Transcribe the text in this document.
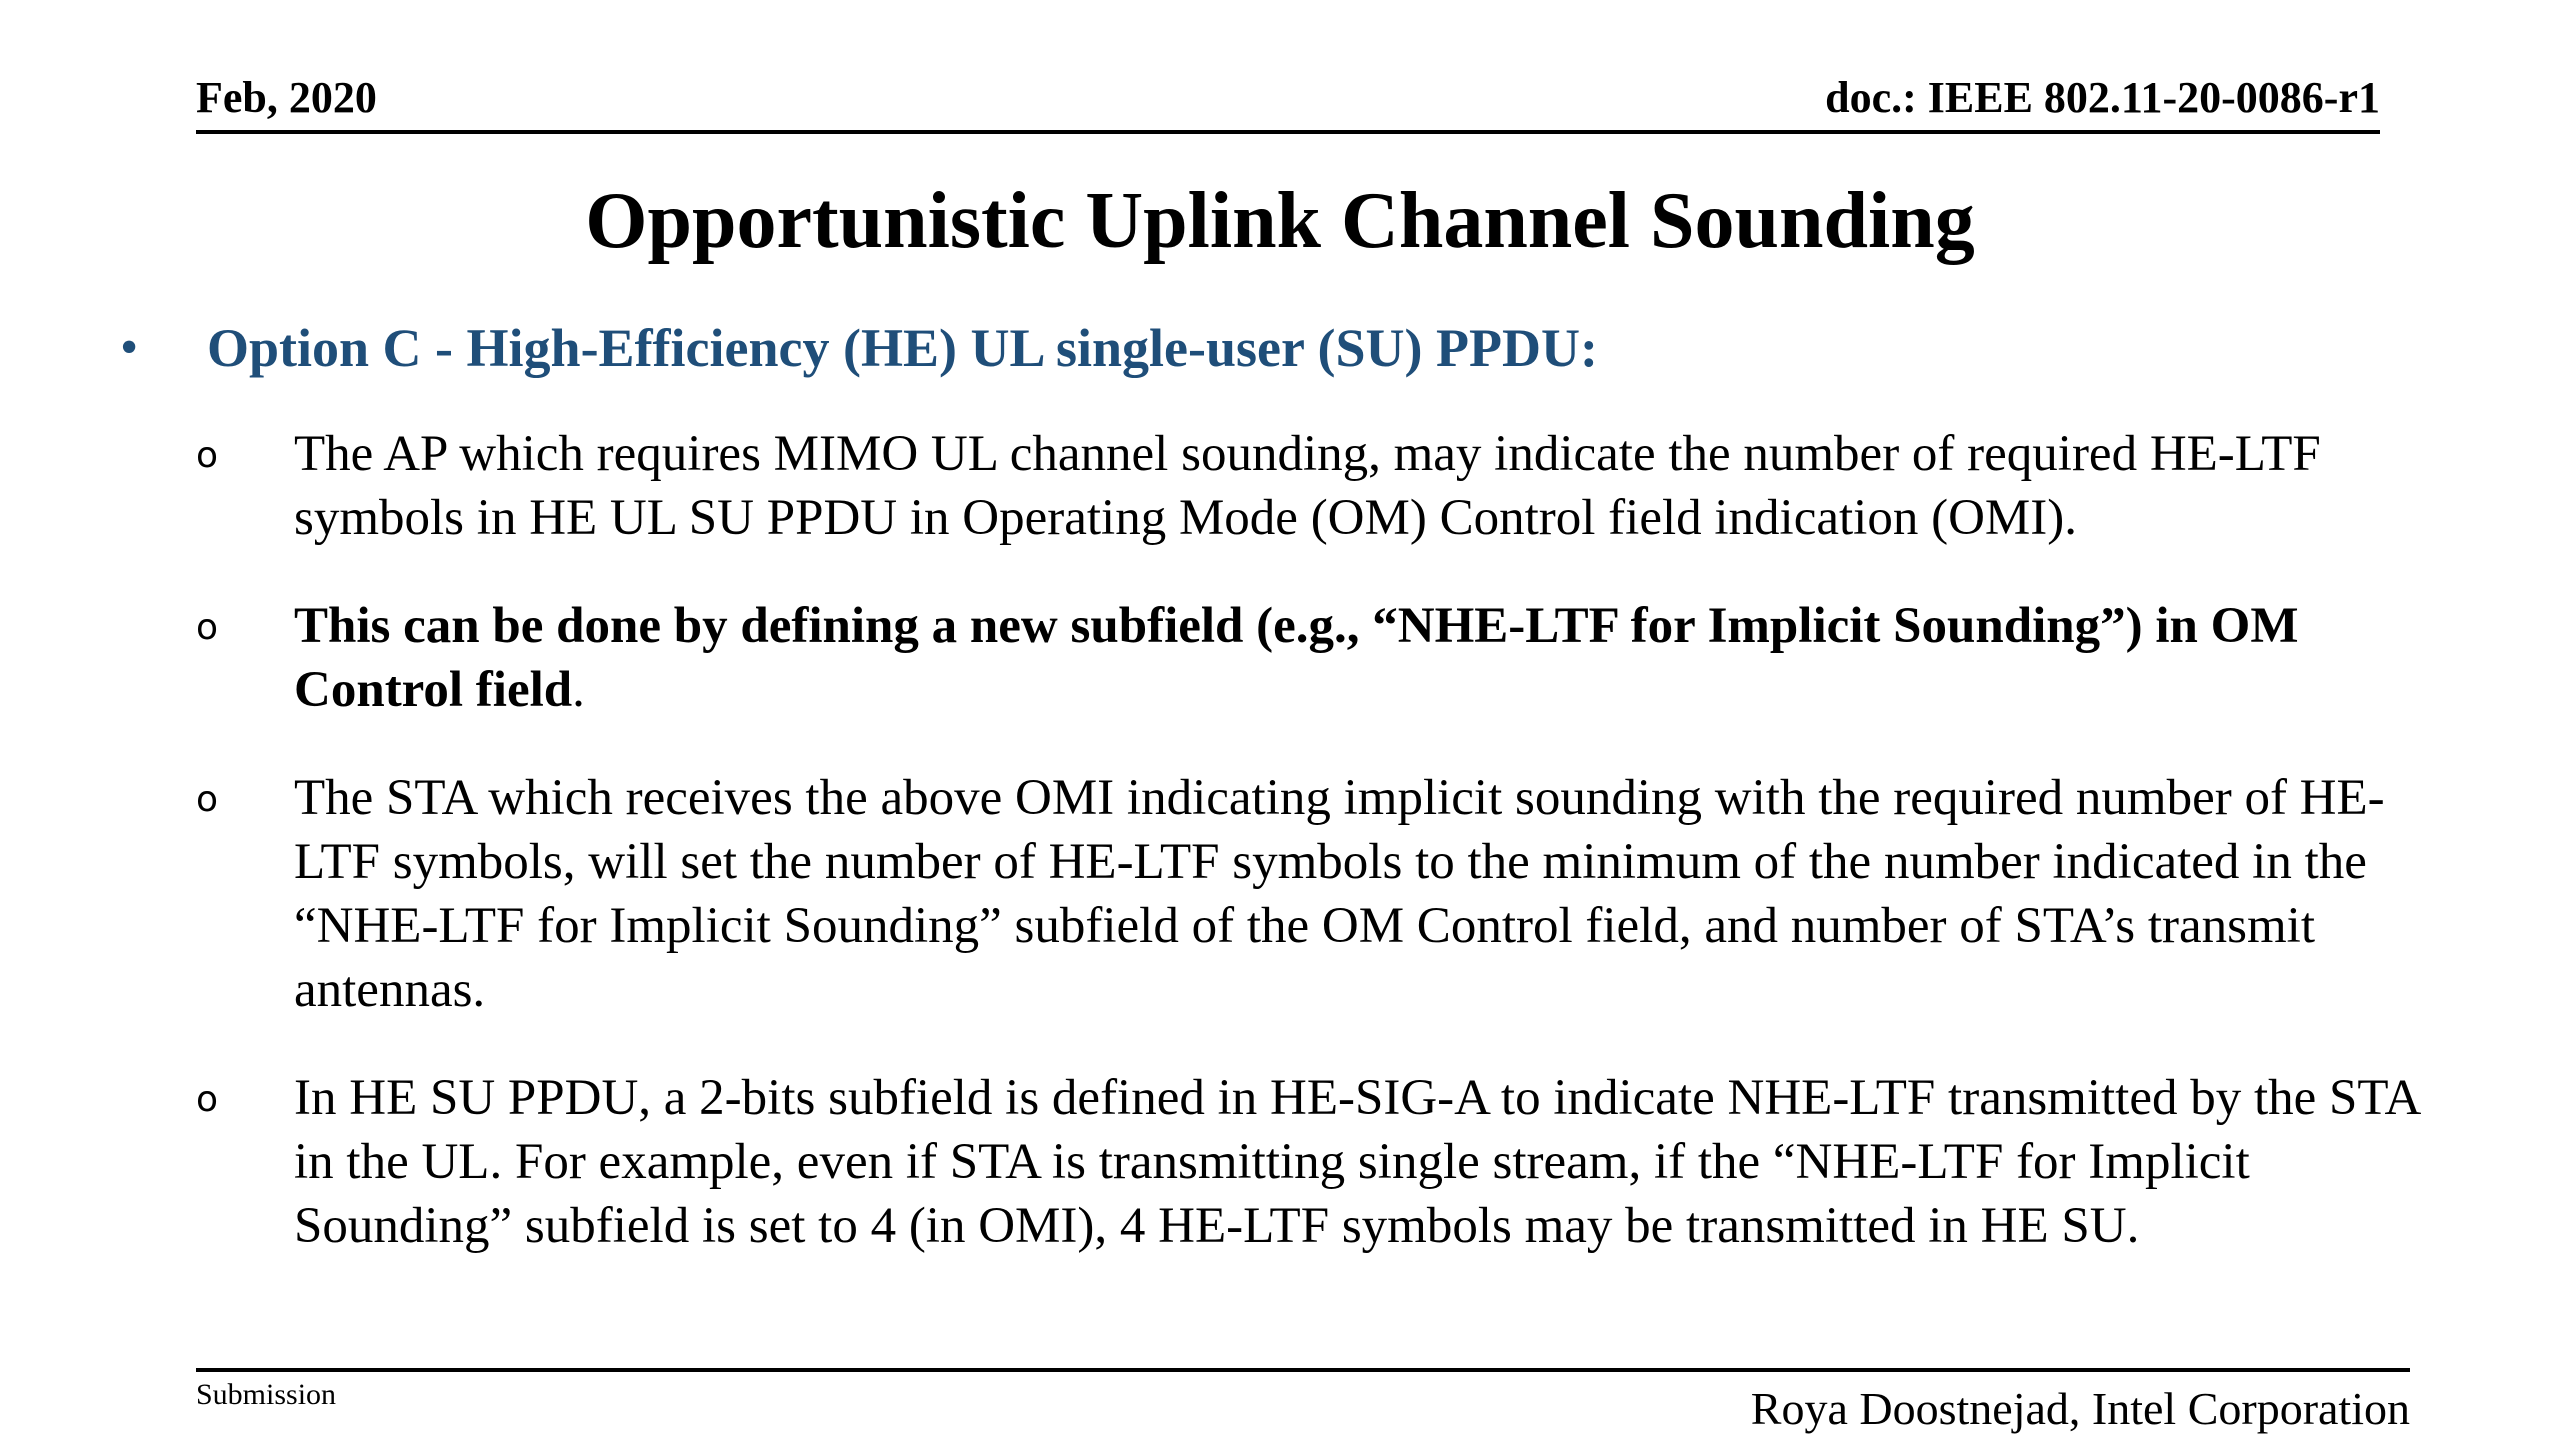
Feb, 2020	doc.: IEEE 802.11-20-0086-r1
Opportunistic Uplink Channel Sounding
• Option C - High-Efficiency (HE) UL single-user (SU) PPDU:
o The AP which requires MIMO UL channel sounding, may indicate the number of required HE-LTF symbols in HE UL SU PPDU in Operating Mode (OM) Control field indication (OMI).
o This can be done by defining a new subfield (e.g., “NHE-LTF for Implicit Sounding”) in OM Control field.
o The STA which receives the above OMI indicating implicit sounding with the required number of HE-LTF symbols, will set the number of HE-LTF symbols to the minimum of the number indicated in the “NHE-LTF for Implicit Sounding” subfield of the OM Control field, and number of STA’s transmit antennas.
o In HE SU PPDU, a 2-bits subfield is defined in HE-SIG-A to indicate NHE-LTF transmitted by the STA in the UL. For example, even if STA is transmitting single stream, if the “NHE-LTF for Implicit Sounding” subfield is set to 4 (in OMI), 4 HE-LTF symbols may be transmitted in HE SU.
Submission	Roya Doostnejad, Intel Corporation
